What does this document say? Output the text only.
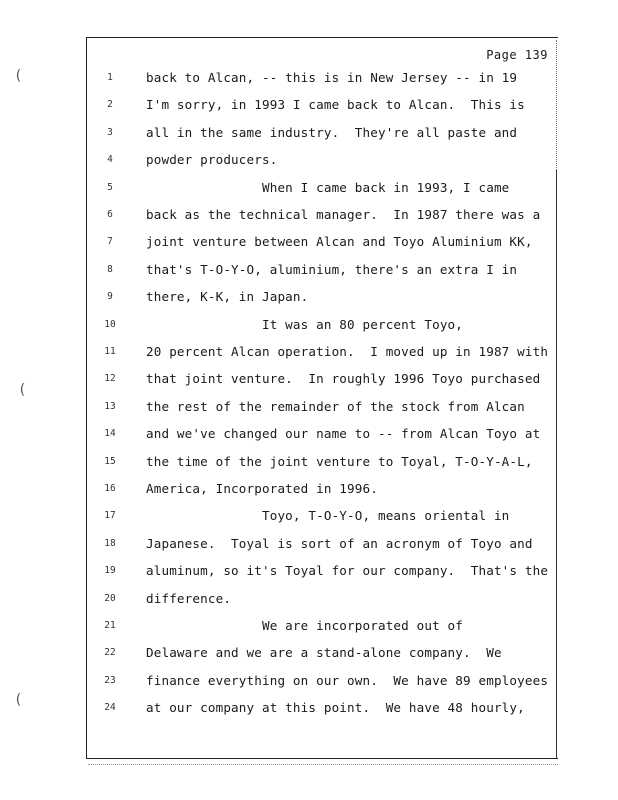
(
(
(
Page 139
1	back to Alcan, -- this is in New Jersey -- in 19
2	I'm sorry, in 1993 I came back to Alcan.  This is
3	all in the same industry.  They're all paste and
4	powder producers.
5	When I came back in 1993, I came
6	back as the technical manager.  In 1987 there was a
7	joint venture between Alcan and Toyo Aluminium KK,
8	that's T-O-Y-O, aluminium, there's an extra I in
9	there, K-K, in Japan.
10	It was an 80 percent Toyo,
11	20 percent Alcan operation.  I moved up in 1987 with
12	that joint venture.  In roughly 1996 Toyo purchased
13	the rest of the remainder of the stock from Alcan
14	and we've changed our name to -- from Alcan Toyo at
15	the time of the joint venture to Toyal, T-O-Y-A-L,
16	America, Incorporated in 1996.
17	Toyo, T-O-Y-O, means oriental in
18	Japanese.  Toyal is sort of an acronym of Toyo and
19	aluminum, so it's Toyal for our company.  That's the
20	difference.
21	We are incorporated out of
22	Delaware and we are a stand-alone company.  We
23	finance everything on our own.  We have 89 employees
24	at our company at this point.  We have 48 hourly,
